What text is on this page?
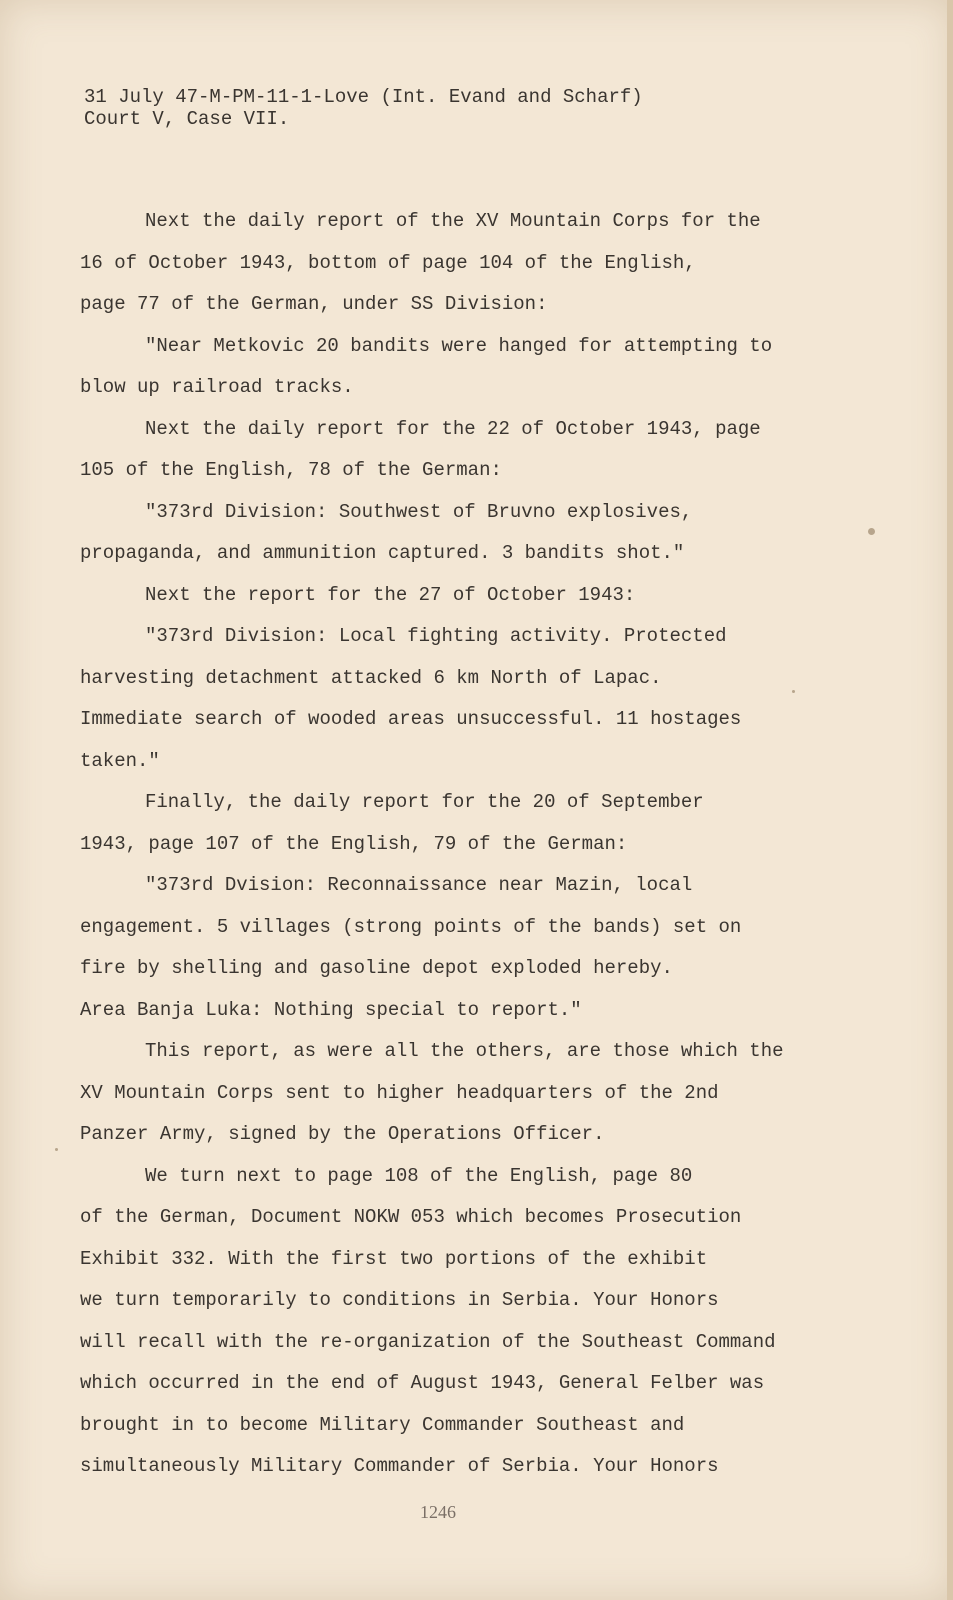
31 July 47-M-PM-11-1-Love (Int. Evand and Scharf)
Court V, Case VII.
Next the daily report of the XV Mountain Corps for the
16 of October 1943, bottom of page 104 of the English,
page 77 of the German, under SS Division:
"Near Metkovic 20 bandits were hanged for attempting to
blow up railroad tracks.
Next the daily report for the 22 of October 1943, page
105 of the English, 78 of the German:
"373rd Division: Southwest of Bruvno explosives,
propaganda, and ammunition captured. 3 bandits shot."
Next the report for the 27 of October 1943:
"373rd Division: Local fighting activity. Protected
harvesting detachment attacked 6 km North of Lapac.
Immediate search of wooded areas unsuccessful. 11 hostages
taken."
Finally, the daily report for the 20 of September
1943, page 107 of the English, 79 of the German:
"373rd Dvision: Reconnaissance near Mazin, local
engagement. 5 villages (strong points of the bands) set on
fire by shelling and gasoline depot exploded hereby.
Area Banja Luka: Nothing special to report."
This report, as were all the others, are those which the
XV Mountain Corps sent to higher headquarters of the 2nd
Panzer Army, signed by the Operations Officer.
We turn next to page 108 of the English, page 80
of the German, Document NOKW 053 which becomes Prosecution
Exhibit 332. With the first two portions of the exhibit
we turn temporarily to conditions in Serbia. Your Honors
will recall with the re-organization of the Southeast Command
which occurred in the end of August 1943, General Felber was
brought in to become Military Commander Southeast and
simultaneously Military Commander of Serbia. Your Honors
1246
